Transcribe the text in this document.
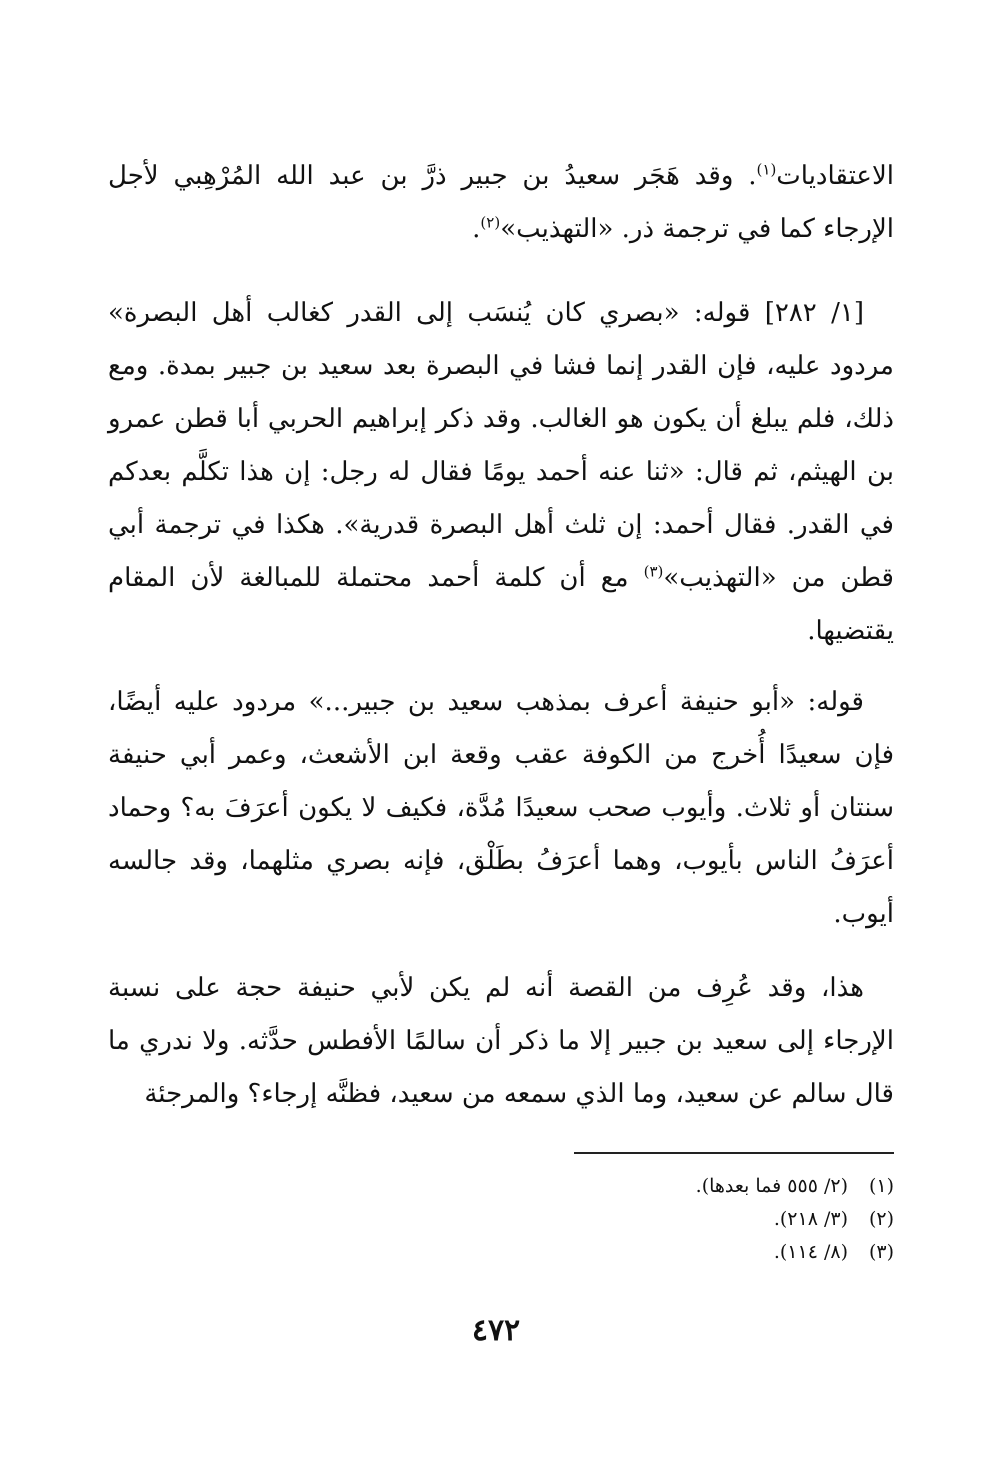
الاعتقاديات$^{(١)}$. وقد هَجَر سعيدُ بن جبير ذرَّ بن عبد الله المُرْهِبي لأجل الإرجاء كما في ترجمة ذر. «التهذيب»$^{(٢)}$.

[١/ ٢٨٢] قوله: «بصري كان يُنسَب إلى القدر كغالب أهل البصرة» مردود عليه، فإن القدر إنما فشا في البصرة بعد سعيد بن جبير بمدة. ومع ذلك، فلم يبلغ أن يكون هو الغالب. وقد ذكر إبراهيم الحربي أبا قطن عمرو بن الهيثم، ثم قال: «ثنا عنه أحمد يومًا فقال له رجل: إن هذا تكلَّم بعدكم في القدر. فقال أحمد: إن ثلث أهل البصرة قدرية». هكذا في ترجمة أبي قطن من «التهذيب»$^{(٣)}$ مع أن كلمة أحمد محتملة للمبالغة لأن المقام يقتضيها.

قوله: «أبو حنيفة أعرف بمذهب سعيد بن جبير...» مردود عليه أيضًا، فإن سعيدًا أُخرج من الكوفة عقب وقعة ابن الأشعث، وعمر أبي حنيفة سنتان أو ثلاث. وأيوب صحب سعيدًا مُدَّة، فكيف لا يكون أعرَفَ به؟ وحماد أعرَفُ الناس بأيوب، وهما أعرَفُ بطَلْق، فإنه بصري مثلهما، وقد جالسه أيوب.

هذا، وقد عُرِف من القصة أنه لم يكن لأبي حنيفة حجة على نسبة الإرجاء إلى سعيد بن جبير إلا ما ذكر أن سالمًا الأفطس حدَّثه. ولا ندري ما قال سالم عن سعيد، وما الذي سمعه من سعيد، فظنَّه إرجاء؟ والمرجئة

(١)
(٢/ ٥٥٥ فما بعدها).
(٢)
(٣/ ٢١٨).
(٣)
(٨/ ١١٤).
٤٧٢
